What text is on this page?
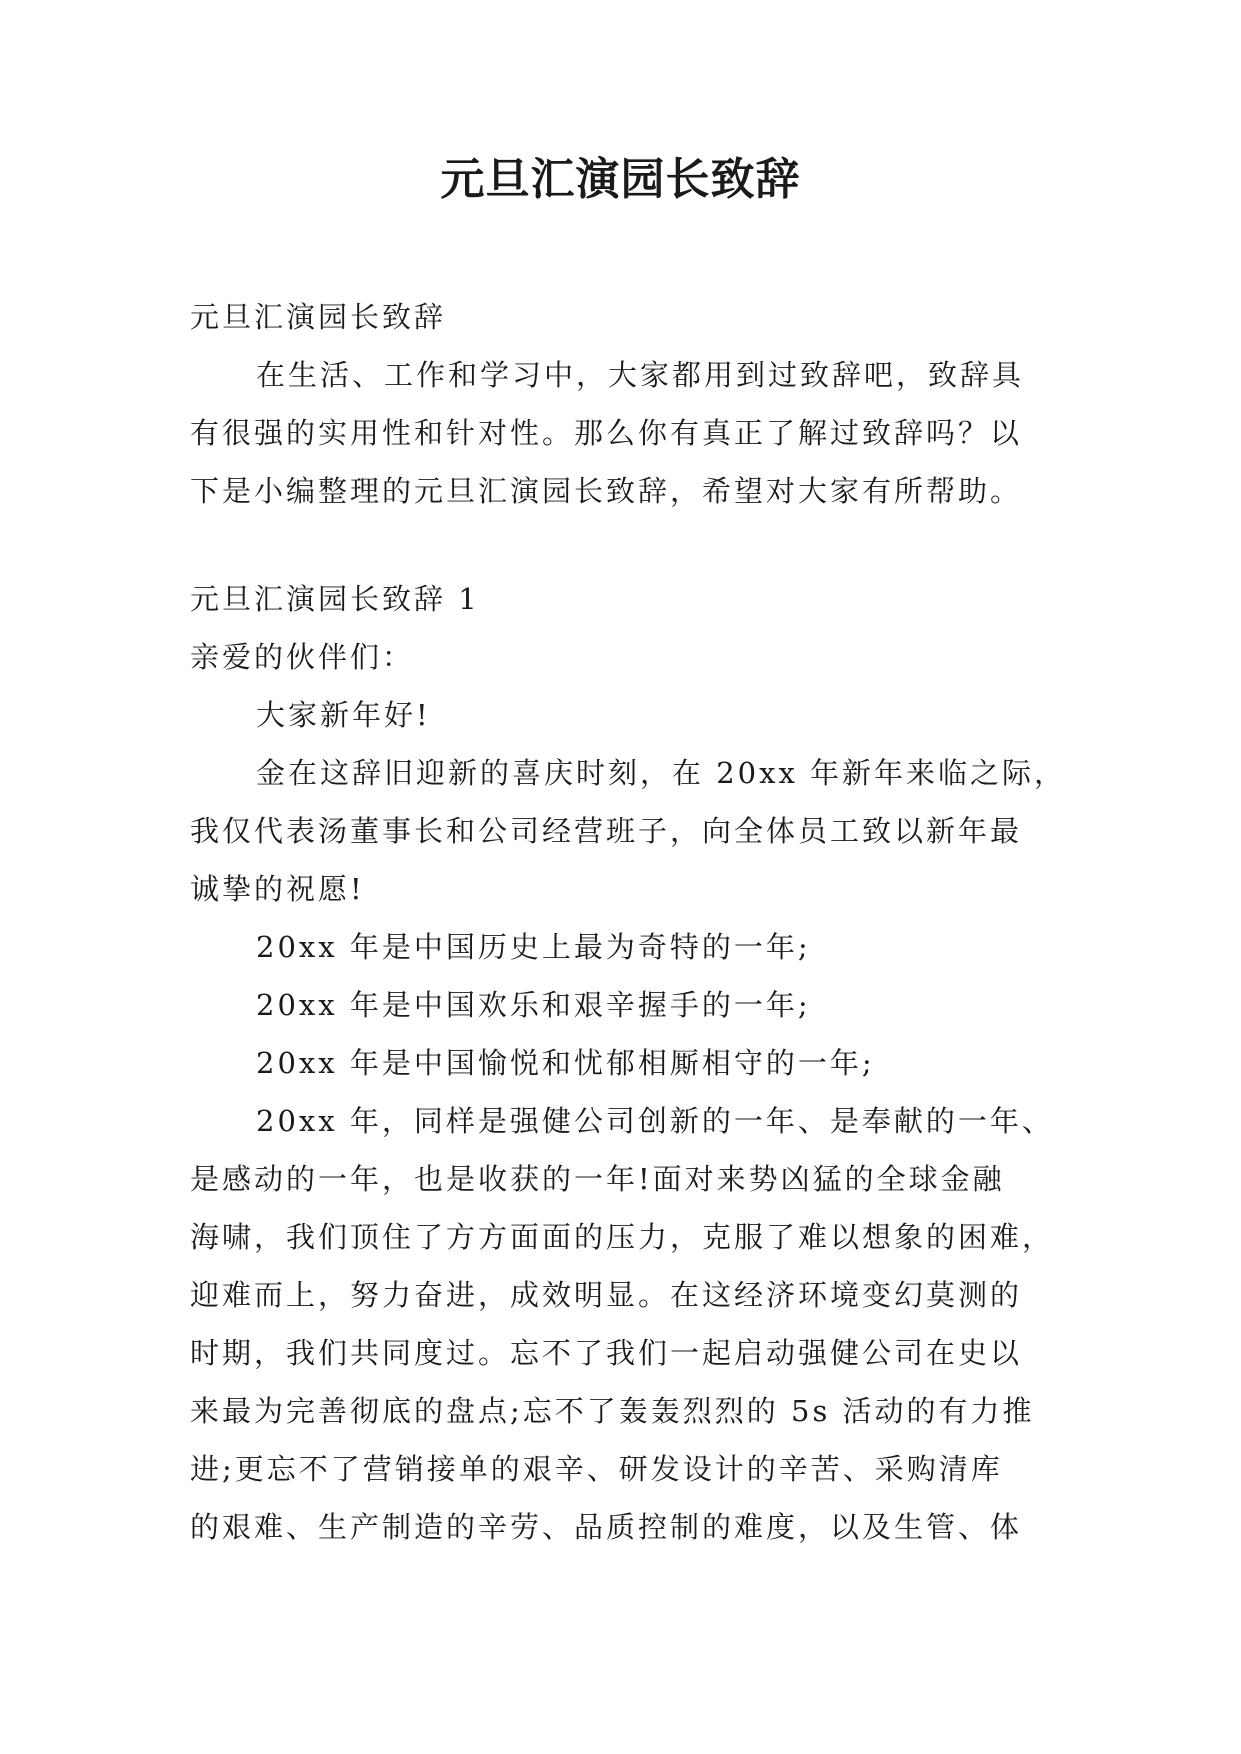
元旦汇演园长致辞

元旦汇演园长致辞

在生活、工作和学习中，大家都用到过致辞吧，致辞具

有很强的实用性和针对性。那么你有真正了解过致辞吗？以

下是小编整理的元旦汇演园长致辞，希望对大家有所帮助。

元旦汇演园长致辞 1

亲爱的伙伴们：

大家新年好!

金在这辞旧迎新的喜庆时刻，在 20xx 年新年来临之际，

我仅代表汤董事长和公司经营班子，向全体员工致以新年最

诚挚的祝愿!

20xx 年是中国历史上最为奇特的一年;

20xx 年是中国欢乐和艰辛握手的一年;

20xx 年是中国愉悦和忧郁相厮相守的一年;

20xx 年，同样是强健公司创新的一年、是奉献的一年、

是感动的一年，也是收获的一年!面对来势凶猛的全球金融

海啸，我们顶住了方方面面的压力，克服了难以想象的困难，

迎难而上，努力奋进，成效明显。在这经济环境变幻莫测的

时期，我们共同度过。忘不了我们一起启动强健公司在史以

来最为完善彻底的盘点;忘不了轰轰烈烈的 5s 活动的有力推

进;更忘不了营销接单的艰辛、研发设计的辛苦、采购清库

的艰难、生产制造的辛劳、品质控制的难度，以及生管、体
